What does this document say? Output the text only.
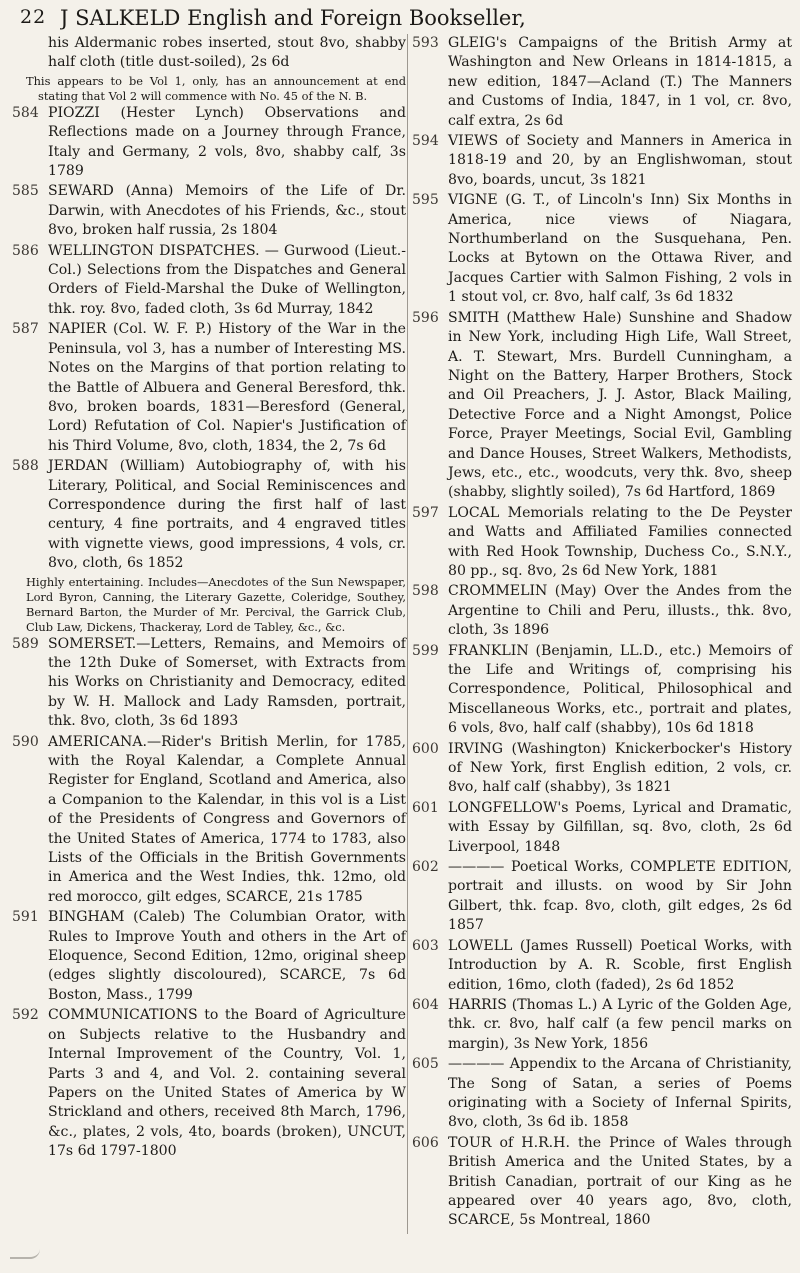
22 J SALKELD English and Foreign Bookseller,
his Aldermanic robes inserted, stout 8vo, shabby half cloth (title dust-soiled), 2s 6d
This appears to be Vol 1, only, has an announcement at end stating that Vol 2 will commence with No. 45 of the N. B.
584 PIOZZI (Hester Lynch) Observations and Reflections made on a Journey through France, Italy and Germany, 2 vols, 8vo, shabby calf, 3s 1789
585 SEWARD (Anna) Memoirs of the Life of Dr. Darwin, with Anecdotes of his Friends, &c., stout 8vo, broken half russia, 2s 1804
586 WELLINGTON DISPATCHES. — Gurwood (Lieut.-Col.) Selections from the Dispatches and General Orders of Field-Marshal the Duke of Wellington, thk. roy. 8vo, faded cloth, 3s 6d Murray, 1842
587 NAPIER (Col. W. F. P.) History of the War in the Peninsula, vol 3, has a number of Interesting MS. Notes on the Margins of that portion relating to the Battle of Albuera and General Beresford, thk. 8vo, broken boards, 1831—Beresford (General, Lord) Refutation of Col. Napier's Justification of his Third Volume, 8vo, cloth, 1834, the 2, 7s 6d
588 JERDAN (William) Autobiography of, with his Literary, Political, and Social Reminiscences and Correspondence during the first half of last century, 4 fine portraits, and 4 engraved titles with vignette views, good impressions, 4 vols, cr. 8vo, cloth, 6s 1852
Highly entertaining. Includes—Anecdotes of the Sun Newspaper, Lord Byron, Canning, the Literary Gazette, Coleridge, Southey, Bernard Barton, the Murder of Mr. Percival, the Garrick Club, Club Law, Dickens, Thackeray, Lord de Tabley, &c., &c.
589 SOMERSET.—Letters, Remains, and Memoirs of the 12th Duke of Somerset, with Extracts from his Works on Christianity and Democracy, edited by W. H. Mallock and Lady Ramsden, portrait, thk. 8vo, cloth, 3s 6d 1893
590 AMERICANA.—Rider's British Merlin, for 1785, with the Royal Kalendar, a Complete Annual Register for England, Scotland and America, also a Companion to the Kalendar, in this vol is a List of the Presidents of Congress and Governors of the United States of America, 1774 to 1783, also Lists of the Officials in the British Governments in America and the West Indies, thk. 12mo, old red morocco, gilt edges, SCARCE, 21s 1785
591 BINGHAM (Caleb) The Columbian Orator, with Rules to Improve Youth and others in the Art of Eloquence, Second Edition, 12mo, original sheep (edges slightly discoloured), SCARCE, 7s 6d Boston, Mass., 1799
592 COMMUNICATIONS to the Board of Agriculture on Subjects relative to the Husbandry and Internal Improvement of the Country, Vol. 1, Parts 3 and 4, and Vol. 2. containing several Papers on the United States of America by W Strickland and others, received 8th March, 1796, &c., plates, 2 vols, 4to, boards (broken), UNCUT, 17s 6d 1797-1800
593 GLEIG's Campaigns of the British Army at Washington and New Orleans in 1814-1815, a new edition, 1847—Acland (T.) The Manners and Customs of India, 1847, in 1 vol, cr. 8vo, calf extra, 2s 6d
594 VIEWS of Society and Manners in America in 1818-19 and 20, by an Englishwoman, stout 8vo, boards, uncut, 3s 1821
595 VIGNE (G. T., of Lincoln's Inn) Six Months in America, nice views of Niagara, Northumberland on the Susquehana, Pen. Locks at Bytown on the Ottawa River, and Jacques Cartier with Salmon Fishing, 2 vols in 1 stout vol, cr. 8vo, half calf, 3s 6d 1832
596 SMITH (Matthew Hale) Sunshine and Shadow in New York, including High Life, Wall Street, A. T. Stewart, Mrs. Burdell Cunningham, a Night on the Battery, Harper Brothers, Stock and Oil Preachers, J. J. Astor, Black Mailing, Detective Force and a Night Amongst, Police Force, Prayer Meetings, Social Evil, Gambling and Dance Houses, Street Walkers, Methodists, Jews, etc., etc., woodcuts, very thk. 8vo, sheep (shabby, slightly soiled), 7s 6d Hartford, 1869
597 LOCAL Memorials relating to the De Peyster and Watts and Affiliated Families connected with Red Hook Township, Duchess Co., S.N.Y., 80 pp., sq. 8vo, 2s 6d New York, 1881
598 CROMMELIN (May) Over the Andes from the Argentine to Chili and Peru, illusts., thk. 8vo, cloth, 3s 1896
599 FRANKLIN (Benjamin, LL.D., etc.) Memoirs of the Life and Writings of, comprising his Correspondence, Political, Philosophical and Miscellaneous Works, etc., portrait and plates, 6 vols, 8vo, half calf (shabby), 10s 6d 1818
600 IRVING (Washington) Knickerbocker's History of New York, first English edition, 2 vols, cr. 8vo, half calf (shabby), 3s 1821
601 LONGFELLOW's Poems, Lyrical and Dramatic, with Essay by Gilfillan, sq. 8vo, cloth, 2s 6d Liverpool, 1848
602 ———— Poetical Works, COMPLETE EDITION, portrait and illusts. on wood by Sir John Gilbert, thk. fcap. 8vo, cloth, gilt edges, 2s 6d 1857
603 LOWELL (James Russell) Poetical Works, with Introduction by A. R. Scoble, first English edition, 16mo, cloth (faded), 2s 6d 1852
604 HARRIS (Thomas L.) A Lyric of the Golden Age, thk. cr. 8vo, half calf (a few pencil marks on margin), 3s New York, 1856
605 ———— Appendix to the Arcana of Christianity, The Song of Satan, a series of Poems originating with a Society of Infernal Spirits, 8vo, cloth, 3s 6d ib. 1858
606 TOUR of H.R.H. the Prince of Wales through British America and the United States, by a British Canadian, portrait of our King as he appeared over 40 years ago, 8vo, cloth, SCARCE, 5s Montreal, 1860
